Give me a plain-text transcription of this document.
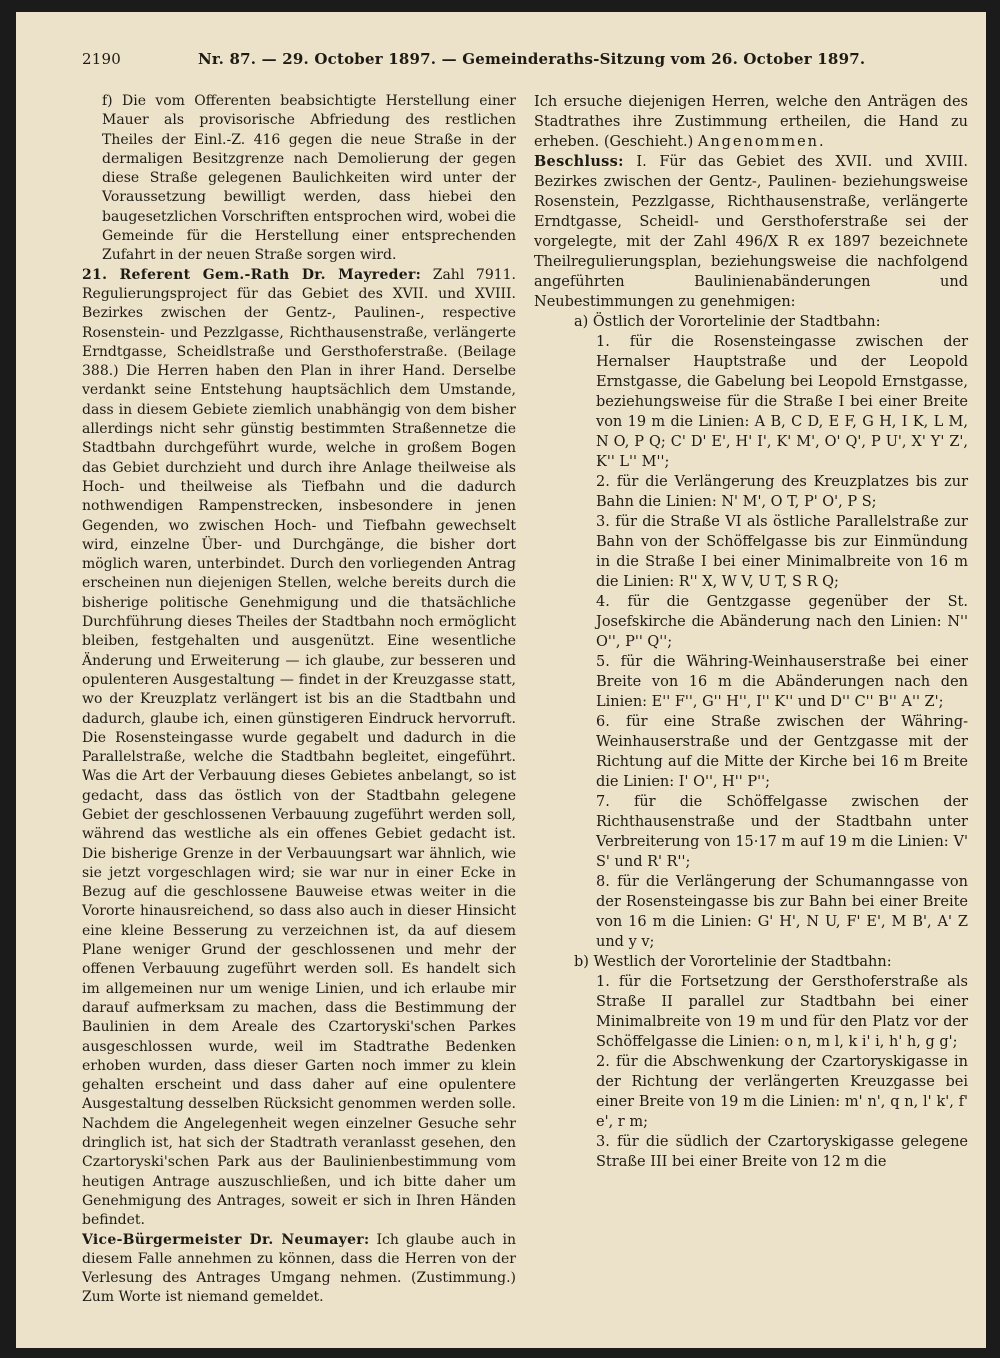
2190	Nr. 87. — 29. October 1897. — Gemeinderaths-Sitzung vom 26. October 1897.

f) Die vom Offerenten beabsichtigte Herstellung einer Mauer als provisorische Abfriedung des restlichen Theiles der Einl.-Z. 416 gegen die neue Straße in der dermaligen Besitzgrenze nach Demolierung der gegen diese Straße gelegenen Baulichkeiten wird unter der Voraussetzung bewilligt werden, dass hiebei den baugesetzlichen Vorschriften entsprochen wird, wobei die Gemeinde für die Herstellung einer entsprechenden Zufahrt in der neuen Straße sorgen wird.

21. Referent Gem.-Rath Dr. Mayreder: Zahl 7911. Regulierungsproject für das Gebiet des XVII. und XVIII. Bezirkes zwischen der Gentz-, Paulinen-, respective Rosenstein- und Pezzlgasse, Richthausenstraße, verlängerte Erndtgasse, Scheidlstraße und Gersthoferstraße. (Beilage 388.) Die Herren haben den Plan in ihrer Hand. Derselbe verdankt seine Entstehung hauptsächlich dem Umstande, dass in diesem Gebiete ziemlich unabhängig von dem bisher allerdings nicht sehr günstig bestimmten Straßennetze die Stadtbahn durchgeführt wurde, welche in großem Bogen das Gebiet durchzieht und durch ihre Anlage theilweise als Hoch- und theilweise als Tiefbahn und die dadurch nothwendigen Rampenstrecken, insbesondere in jenen Gegenden, wo zwischen Hoch- und Tiefbahn gewechselt wird, einzelne Über- und Durchgänge, die bisher dort möglich waren, unterbindet. Durch den vorliegenden Antrag erscheinen nun diejenigen Stellen, welche bereits durch die bisherige politische Genehmigung und die thatsächliche Durchführung dieses Theiles der Stadtbahn noch ermöglicht bleiben, festgehalten und ausgenützt. Eine wesentliche Änderung und Erweiterung — ich glaube, zur besseren und opulenteren Ausgestaltung — findet in der Kreuzgasse statt, wo der Kreuzplatz verlängert ist bis an die Stadtbahn und dadurch, glaube ich, einen günstigeren Eindruck hervorruft. Die Rosensteingasse wurde gegabelt und dadurch in die Parallelstraße, welche die Stadtbahn begleitet, eingeführt. Was die Art der Verbauung dieses Gebietes anbelangt, so ist gedacht, dass das östlich von der Stadtbahn gelegene Gebiet der geschlossenen Verbauung zugeführt werden soll, während das westliche als ein offenes Gebiet gedacht ist. Die bisherige Grenze in der Verbauungsart war ähnlich, wie sie jetzt vorgeschlagen wird; sie war nur in einer Ecke in Bezug auf die geschlossene Bauweise etwas weiter in die Vororte hinausreichend, so dass also auch in dieser Hinsicht eine kleine Besserung zu verzeichnen ist, da auf diesem Plane weniger Grund der geschlossenen und mehr der offenen Verbauung zugeführt werden soll. Es handelt sich im allgemeinen nur um wenige Linien, und ich erlaube mir darauf aufmerksam zu machen, dass die Bestimmung der Baulinien in dem Areale des Czartoryski'schen Parkes ausgeschlossen wurde, weil im Stadtrathe Bedenken erhoben wurden, dass dieser Garten noch immer zu klein gehalten erscheint und dass daher auf eine opulentere Ausgestaltung desselben Rücksicht genommen werden solle. Nachdem die Angelegenheit wegen einzelner Gesuche sehr dringlich ist, hat sich der Stadtrath veranlasst gesehen, den Czartoryski'schen Park aus der Baulinienbestimmung vom heutigen Antrage auszuschließen, und ich bitte daher um Genehmigung des Antrages, soweit er sich in Ihren Händen befindet.

Vice-Bürgermeister Dr. Neumayer: Ich glaube auch in diesem Falle annehmen zu können, dass die Herren von der Verlesung des Antrages Umgang nehmen. (Zustimmung.) Zum Worte ist niemand gemeldet.

Ich ersuche diejenigen Herren, welche den Anträgen des Stadtrathes ihre Zustimmung ertheilen, die Hand zu erheben. (Geschieht.) Angenommen.

Beschluss: I. Für das Gebiet des XVII. und XVIII. Bezirkes zwischen der Gentz-, Paulinen- beziehungsweise Rosenstein, Pezzlgasse, Richthausenstraße, verlängerte Erndtgasse, Scheidl- und Gersthoferstraße sei der vorgelegte, mit der Zahl 496/X R ex 1897 bezeichnete Theilregulierungsplan, beziehungsweise die nachfolgend angeführten Baulinienabänderungen und Neubestimmungen zu genehmigen:

a) Östlich der Vorortelinie der Stadtbahn:

1. für die Rosensteingasse zwischen der Hernalser Hauptstraße und der Leopold Ernstgasse, die Gabelung bei Leopold Ernstgasse, beziehungsweise für die Straße I bei einer Breite von 19 m die Linien: A B, C D, E F, G H, I K, L M, N O, P Q; C' D' E', H' I', K' M', O' Q', P U', X' Y' Z', K'' L'' M'';

2. für die Verlängerung des Kreuzplatzes bis zur Bahn die Linien: N' M', O T, P' O', P S;

3. für die Straße VI als östliche Parallelstraße zur Bahn von der Schöffelgasse bis zur Einmündung in die Straße I bei einer Minimalbreite von 16 m die Linien: R'' X, W V, U T, S R Q;

4. für die Gentzgasse gegenüber der St. Josefskirche die Abänderung nach den Linien: N'' O'', P'' Q'';

5. für die Währing-Weinhauserstraße bei einer Breite von 16 m die Abänderungen nach den Linien: E'' F'', G'' H'', I'' K'' und D'' C'' B'' A'' Z';

6. für eine Straße zwischen der Währing-Weinhauserstraße und der Gentzgasse mit der Richtung auf die Mitte der Kirche bei 16 m Breite die Linien: I' O'', H'' P'';

7. für die Schöffelgasse zwischen der Richthausenstraße und der Stadtbahn unter Verbreiterung von 15·17 m auf 19 m die Linien: V' S' und R' R'';

8. für die Verlängerung der Schumanngasse von der Rosensteingasse bis zur Bahn bei einer Breite von 16 m die Linien: G' H', N U, F' E', M B', A' Z und y v;

b) Westlich der Vorortelinie der Stadtbahn:

1. für die Fortsetzung der Gersthoferstraße als Straße II parallel zur Stadtbahn bei einer Minimalbreite von 19 m und für den Platz vor der Schöffelgasse die Linien: o n, m l, k i' i, h' h, g g';

2. für die Abschwenkung der Czartoryskigasse in der Richtung der verlängerten Kreuzgasse bei einer Breite von 19 m die Linien: m' n', q n, l' k', f' e', r m;

3. für die südlich der Czartoryskigasse gelegene Straße III bei einer Breite von 12 m die
